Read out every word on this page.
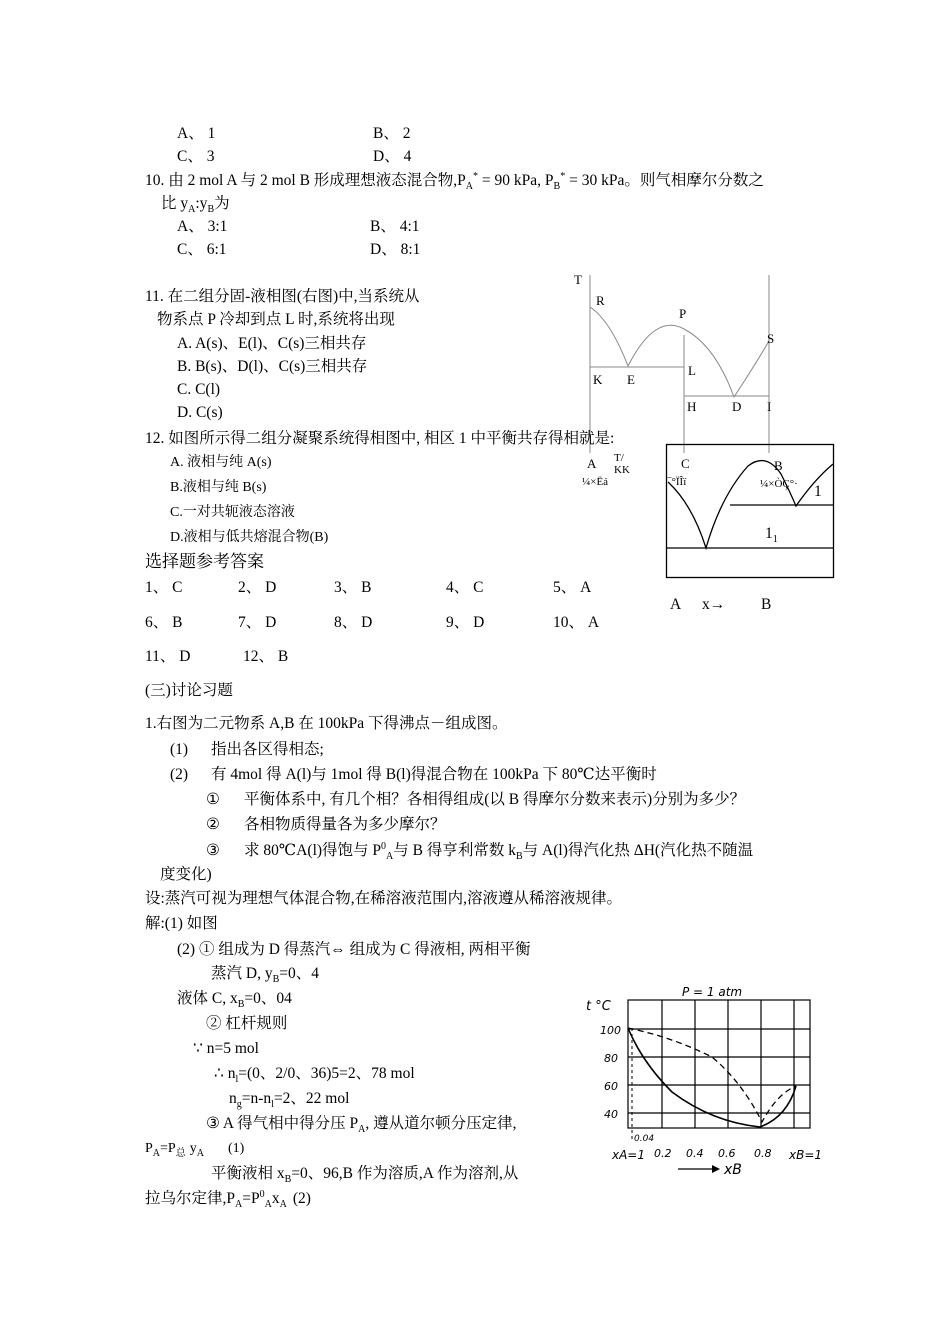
A、 1	B、 2
C、 3	D、 4
10. 由 2 mol A 与 2 mol B 形成理想液态混合物$,P_A^* = 90$ kPa, $P_B^* = 30$ kPa。则气相摩尔分数之
比 $y_A:y_B$为
A、 3:1	B、 4:1
C、 6:1	D、 8:1
11. 在二组分固-液相图(右图)中,当系统从
物系点 P 冷却到点 L 时,系统将出现
A. A(s)、E(l)、C(s)三相共存
B. B(s)、D(l)、C(s)三相共存
C. C(l)
D. C(s)
T
R
P
S
K E
L
H	D I
A T/
KK	C	B
¼×Ëá	¯°ÏÎï	¼×ÒÇ°·
12. 如图所示得二组分凝聚系统得相图中, 相区 1 中平衡共存得相就是:
A. 液相与纯 A(s)
B.液相与纯 B(s)
C.一对共轭液态溶液
D.液相与低共熔混合物(B)
1
$1_1$
A x→ B
选择题参考答案
1、 C	2、 D	3、 B	4、 C	5、 A
6、 B	7、 D	8、 D	9、 D	10、 A
11、 D	12、 B
(三)讨论习题
1.右图为二元物系 A,B 在 100kPa 下得沸点－组成图。
(1) 指出各区得相态;
(2) 有 4mol 得 A(l)与 1mol 得 B(l)得混合物在 100kPa 下 80℃达平衡时
① 平衡体系中, 有几个相？各相得组成(以 B 得摩尔分数来表示)分别为多少？
② 各相物质得量各为多少摩尔？
③ 求 80℃A(l)得饱与 $P^0_A$与 B 得亨利常数 $k_B$与 A(l)得汽化热 ΔH(汽化热不随温
度变化)
设:蒸汽可视为理想气体混合物,在稀溶液范围内,溶液遵从稀溶液规律。
解:(1) 如图
(2) ① 组成为 D 得蒸汽⇔ 组成为 C 得液相, 两相平衡
蒸汽 D, $y_B=0$、4
液体 C, $x_B=0$、04
② 杠杆规则
∵ n=5 mol
∴ $n_l=(0$、2/0、36)5=2、78 mol
$n_g=n-n_l=2$、22 mol
③ A 得气相中得分压 $P_A$, 遵从道尔顿分压定律,
$P_A=P_总$ $y_A$ (1)
平衡液相 $x_B=0$、96,B 作为溶质,A 作为溶剂,从
拉乌尔定律$,P_A=P^0_Ax_A$ (2)
P = 1 atm
t °C
100
80
60
40
0.04
0.2 0.4 0.6 0.8
xA=1	xB=1
xB
